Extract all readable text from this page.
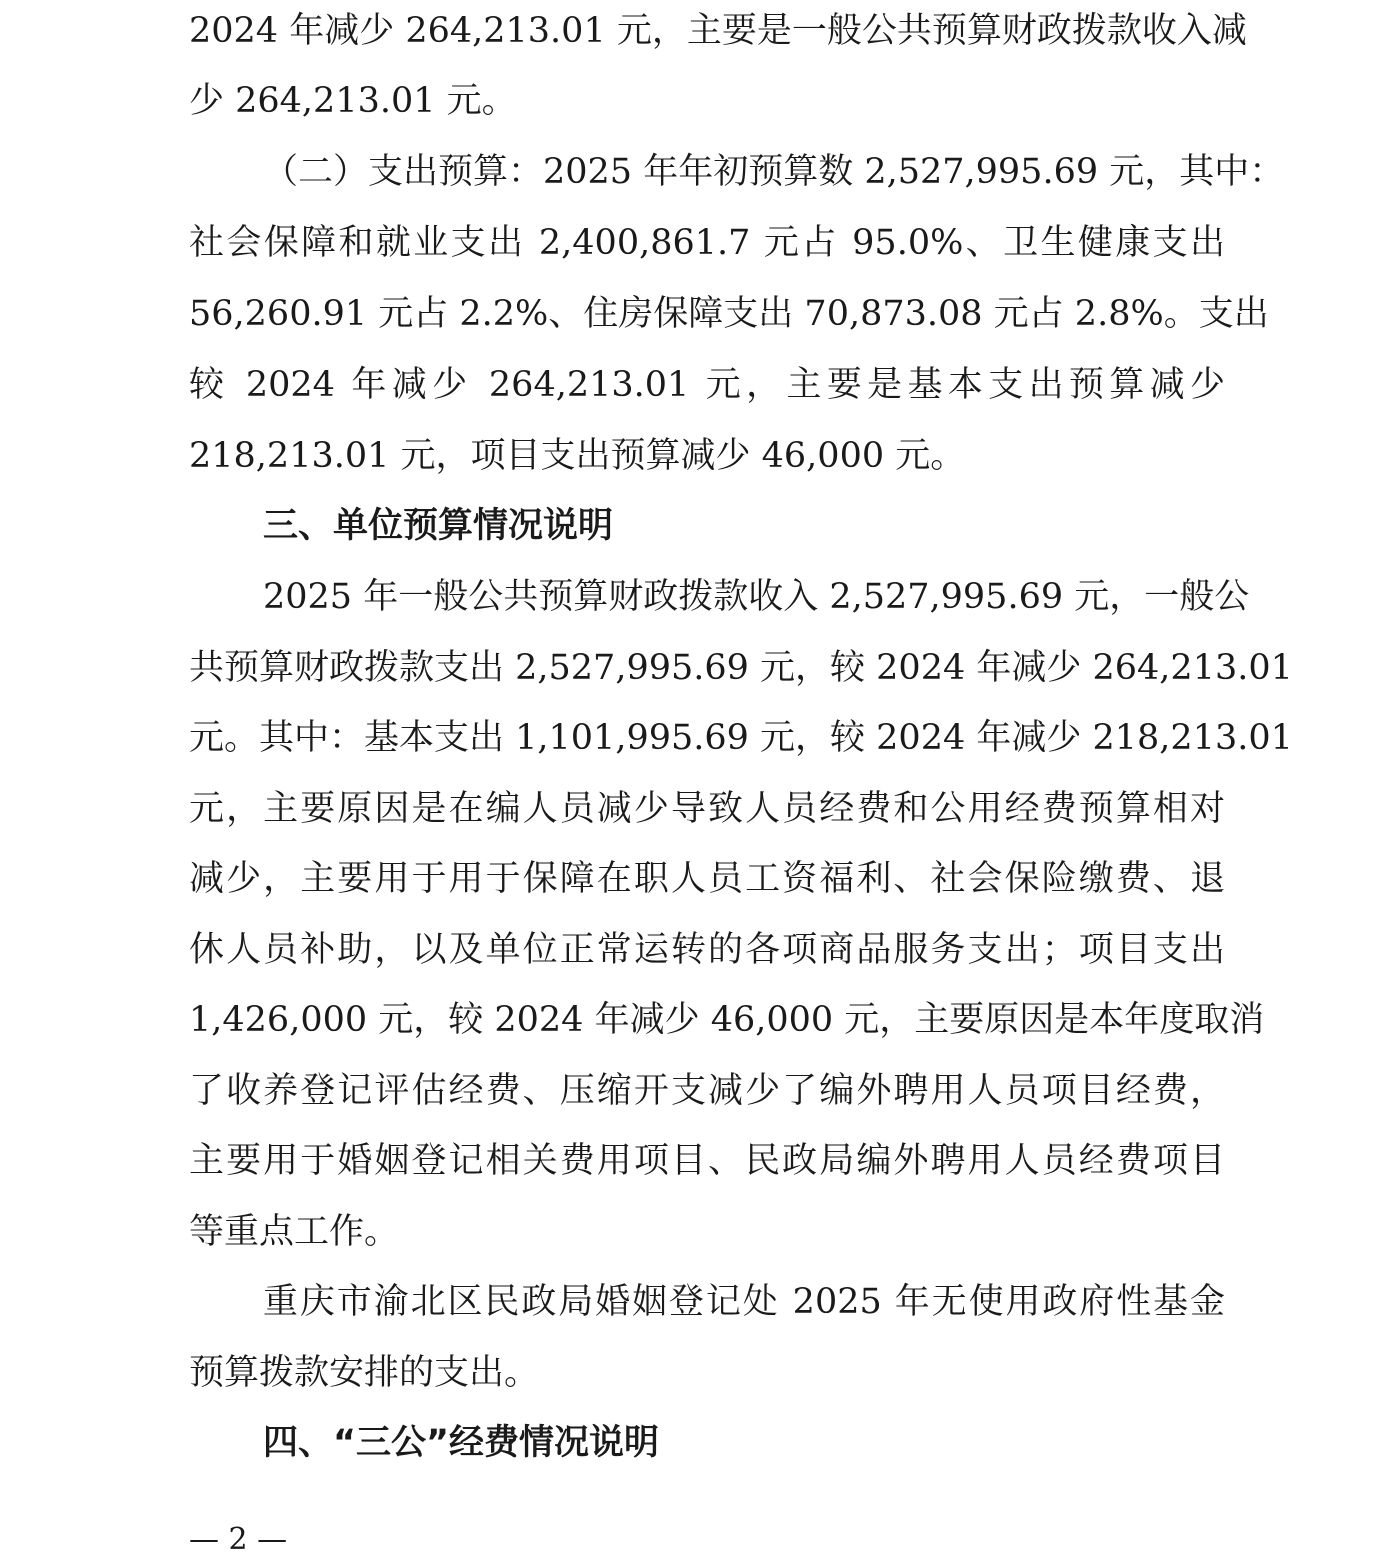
2024 年减少 264,213.01 元，主要是一般公共预算财政拨款收入减
少 264,213.01 元。
（二）支出预算：2025 年年初预算数 2,527,995.69 元，其中：
社会保障和就业支出 2,400,861.7 元占 95.0%、卫生健康支出
56,260.91 元占 2.2%、住房保障支出 70,873.08 元占 2.8%。支出
较 2024 年减少 264,213.01 元，主要是基本支出预算减少
218,213.01 元，项目支出预算减少 46,000 元。
三、单位预算情况说明
2025 年一般公共预算财政拨款收入 2,527,995.69 元，一般公
共预算财政拨款支出 2,527,995.69 元，较 2024 年减少 264,213.01
元。其中：基本支出 1,101,995.69 元，较 2024 年减少 218,213.01
元，主要原因是在编人员减少导致人员经费和公用经费预算相对
减少，主要用于用于保障在职人员工资福利、社会保险缴费、退
休人员补助，以及单位正常运转的各项商品服务支出；项目支出
1,426,000 元，较 2024 年减少 46,000 元，主要原因是本年度取消
了收养登记评估经费、压缩开支减少了编外聘用人员项目经费，
主要用于婚姻登记相关费用项目、民政局编外聘用人员经费项目
等重点工作。
重庆市渝北区民政局婚姻登记处 2025 年无使用政府性基金
预算拨款安排的支出。
四、“三公”经费情况说明
— 2 —
